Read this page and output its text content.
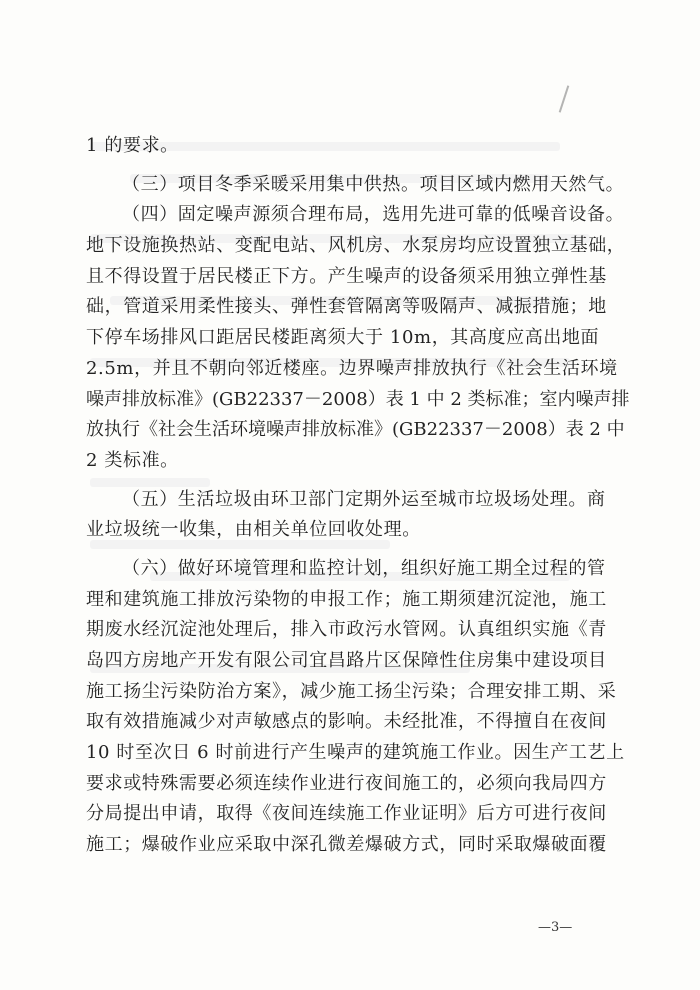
1 的要求。
（三）项目冬季采暖采用集中供热。项目区域内燃用天然气。
（四）固定噪声源须合理布局，选用先进可靠的低噪音设备。
地下设施换热站、变配电站、风机房、水泵房均应设置独立基础，
且不得设置于居民楼正下方。产生噪声的设备须采用独立弹性基
础，管道采用柔性接头、弹性套管隔离等吸隔声、减振措施；地
下停车场排风口距居民楼距离须大于 10m，其高度应高出地面
2.5m，并且不朝向邻近楼座。边界噪声排放执行《社会生活环境
噪声排放标准》(GB22337－2008）表 1 中 2 类标准；室内噪声排
放执行《社会生活环境噪声排放标准》(GB22337－2008）表 2 中
2 类标准。
（五）生活垃圾由环卫部门定期外运至城市垃圾场处理。商
业垃圾统一收集，由相关单位回收处理。
（六）做好环境管理和监控计划，组织好施工期全过程的管
理和建筑施工排放污染物的申报工作；施工期须建沉淀池，施工
期废水经沉淀池处理后，排入市政污水管网。认真组织实施《青
岛四方房地产开发有限公司宜昌路片区保障性住房集中建设项目
施工扬尘污染防治方案》，减少施工扬尘污染；合理安排工期、采
取有效措施减少对声敏感点的影响。未经批准，不得擅自在夜间
10 时至次日 6 时前进行产生噪声的建筑施工作业。因生产工艺上
要求或特殊需要必须连续作业进行夜间施工的，必须向我局四方
分局提出申请，取得《夜间连续施工作业证明》后方可进行夜间
施工；爆破作业应采取中深孔微差爆破方式，同时采取爆破面覆
—3—
